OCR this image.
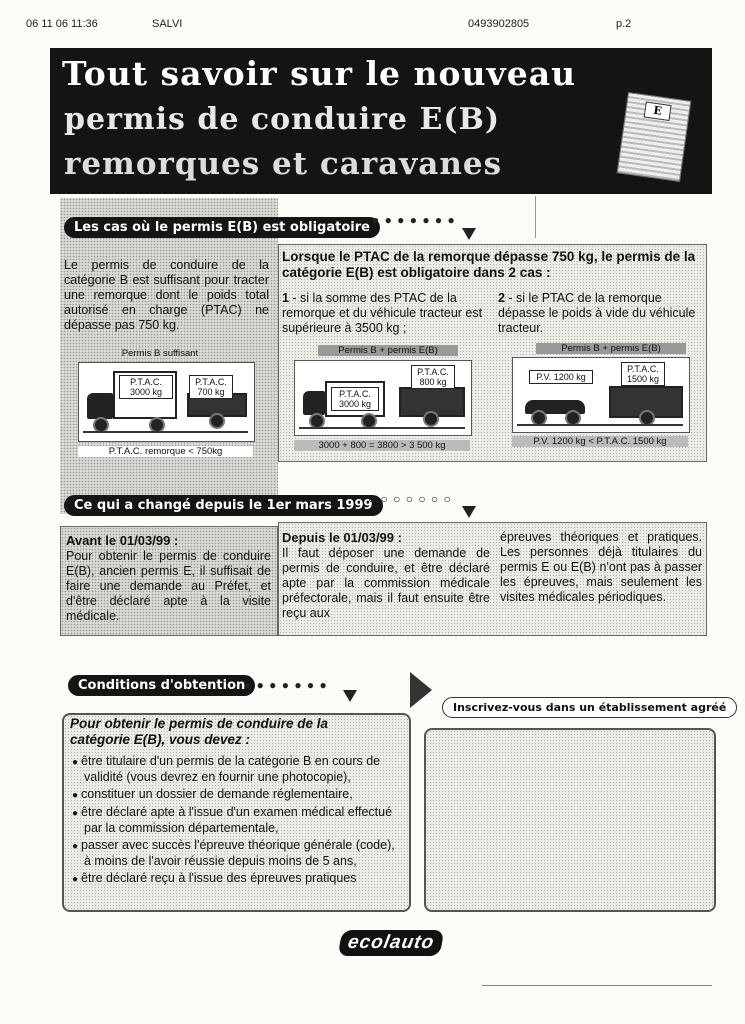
06 11 06 11:36	SALVI	0493902805	p.2
Tout savoir sur le nouveau
permis de conduire E(B)
remorques et caravanes
E
Les cas où le permis E(B) est obligatoire ● ● ● ● ● ● ●
Le permis de conduire de la catégorie B est suffisant pour tracter une remorque dont le poids total autorisé en charge (PTAC) ne dépasse pas 750 kg.
Permis B suffisant
P.T.A.C. 3000 kg
P.T.A.C. 700 kg
P.T.A.C. remorque < 750kg
Lorsque le PTAC de la remorque dépasse 750 kg, le permis de la catégorie E(B) est obligatoire dans 2 cas :
1 - si la somme des PTAC de la remorque et du véhicule tracteur est supérieure à 3500 kg ;
2 - si le PTAC de la remorque dépasse le poids à vide du véhicule tracteur.
Permis B + permis E(B)
P.T.A.C. 3000 kg
P.T.A.C. 800 kg
3000 + 800 = 3800 > 3 500 kg
Permis B + permis E(B)
P.V. 1200 kg
P.T.A.C. 1500 kg
P.V. 1200 kg < P.T.A.C. 1500 kg
Ce qui a changé depuis le 1er mars 1999
○ ○ ○ ○ ○ ○ ○
Avant le 01/03/99 :
Pour obtenir le permis de conduire E(B), ancien permis E, il suffisait de faire une demande au Préfet, et d'être déclaré apte à la visite médicale.
Depuis le 01/03/99 :
Il faut déposer une demande de permis de conduire, et être déclaré apte par la commission médicale préfectorale, mais il faut ensuite être reçu aux
épreuves théoriques et pratiques. Les personnes déjà titulaires du permis E ou E(B) n'ont pas à passer les épreuves, mais seulement les visites médicales périodiques.
Conditions d'obtention
● ● ● ● ● ● ●
Inscrivez-vous dans un établissement agréé
Pour obtenir le permis de conduire de la catégorie E(B), vous devez :
● être titulaire d'un permis de la catégorie B en cours de validité (vous devrez en fournir une photocopie),
● constituer un dossier de demande réglementaire,
● être déclaré apte à l'issue d'un examen médical effectué par la commission départementale,
● passer avec succès l'épreuve théorique générale (code), à moins de l'avoir réussie depuis moins de 5 ans,
● être déclaré reçu à l'issue des épreuves pratiques
ecolauto
